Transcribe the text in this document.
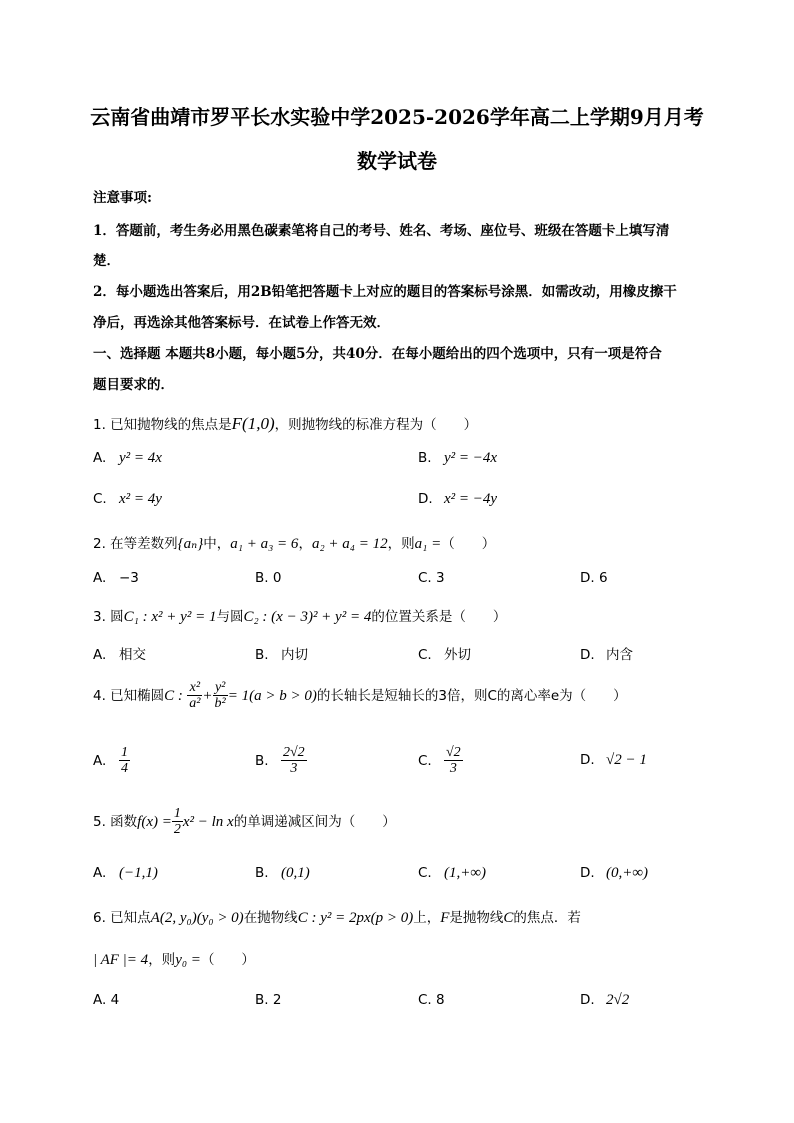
云南省曲靖市罗平长水实验中学2025-2026学年高二上学期9月月考
数学试卷
注意事项:
1．答题前，考生务必用黑色碳素笔将自己的考号、姓名、考场、座位号、班级在答题卡上填写清
楚．
2．每小题选出答案后，用2B铅笔把答题卡上对应的题目的答案标号涂黑．如需改动，用橡皮擦干
净后，再选涂其他答案标号．在试卷上作答无效．
一、选择题 本题共8小题，每小题5分，共40分．在每小题给出的四个选项中，只有一项是符合
题目要求的．
1. 已知抛物线的焦点是F(1,0)，则抛物线的标准方程为（　　）
A. y² = 4x	B. y² = −4x
C. x² = 4y	D. x² = −4y
2. 在等差数列{aₙ}中，a₁ + a₃ = 6，a₂ + a₄ = 12，则a₁ =（　　）
A. −3	B. 0	C. 3	D. 6
3. 圆C₁ : x² + y² = 1与圆C₂ : (x − 3)² + y² = 4的位置关系是（　　）
A. 相交	B. 内切	C. 外切	D. 内含
4. 已知椭圆C : $\frac{\text{x²}}{\text{a²}} + \frac{\text{y²}}{\text{b²}} = 1(a > b > 0)$的长轴长是短轴长的3倍，则C的离心率e为（　　）
A. $\frac{1}{4}$	B. $\frac{2√2}{3}$	C. $\frac{√2}{3}$	D. √2 − 1
5. 函数$f(x) = \frac{1}{2} x^2 - \ln x$的单调递减区间为（　　）
A. (−1,1)	B. (0,1)	C. (1,+∞)	D. (0,+∞)
6. 已知点A(2, y₀)(y₀ > 0)在抛物线C : y² = 2px(p > 0)上，F是抛物线C的焦点．若
| AF |= 4，则y₀ =（　　）
A. 4	B. 2	C. 8	D. 2√2
